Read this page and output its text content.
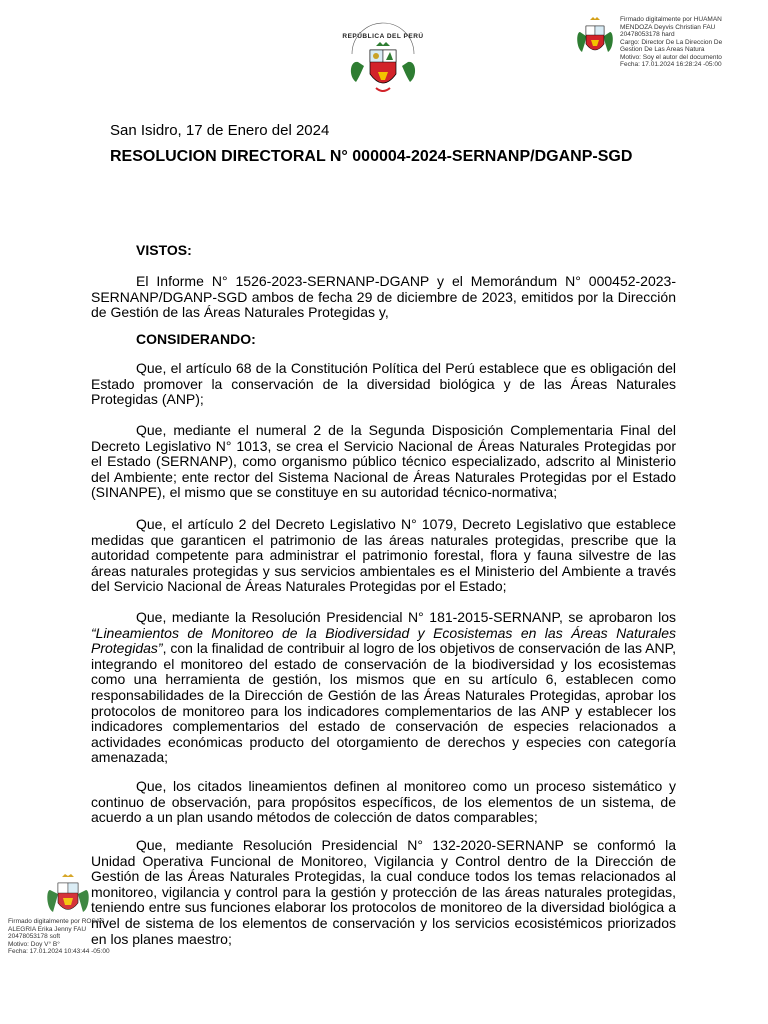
REPÚBLICA DEL PERÚ
Firmado digitalmente por HUAMAN
MENDOZA Deyvis Christian FAU
20478053178 hard
Cargo: Director De La Direccion De
Gestion De Las Areas Natura
Motivo: Soy el autor del documento
Fecha: 17.01.2024 16:28:24 -05:00
San Isidro, 17 de Enero del 2024
RESOLUCION DIRECTORAL N° 000004-2024-SERNANP/DGANP-SGD
VISTOS:

El Informe N° 1526-2023-SERNANP-DGANP y el Memorándum N° 000452-2023-SERNANP/DGANP-SGD ambos de fecha 29 de diciembre de 2023, emitidos por la Dirección de Gestión de las Áreas Naturales Protegidas y,

CONSIDERANDO:

Que, el artículo 68 de la Constitución Política del Perú establece que es obligación del Estado promover la conservación de la diversidad biológica y de las Áreas Naturales Protegidas (ANP);

Que, mediante el numeral 2 de la Segunda Disposición Complementaria Final del Decreto Legislativo N° 1013, se crea el Servicio Nacional de Áreas Naturales Protegidas por el Estado (SERNANP), como organismo público técnico especializado, adscrito al Ministerio del Ambiente; ente rector del Sistema Nacional de Áreas Naturales Protegidas por el Estado (SINANPE), el mismo que se constituye en su autoridad técnico-normativa;

Que, el artículo 2 del Decreto Legislativo N° 1079, Decreto Legislativo que establece medidas que garanticen el patrimonio de las áreas naturales protegidas, prescribe que la autoridad competente para administrar el patrimonio forestal, flora y fauna silvestre de las áreas naturales protegidas y sus servicios ambientales es el Ministerio del Ambiente a través del Servicio Nacional de Áreas Naturales Protegidas por el Estado;

Que, mediante la Resolución Presidencial N° 181-2015-SERNANP, se aprobaron los “Lineamientos de Monitoreo de la Biodiversidad y Ecosistemas en las Áreas Naturales Protegidas”, con la finalidad de contribuir al logro de los objetivos de conservación de las ANP, integrando el monitoreo del estado de conservación de la biodiversidad y los ecosistemas como una herramienta de gestión, los mismos que en su artículo 6, establecen como responsabilidades de la Dirección de Gestión de las Áreas Naturales Protegidas, aprobar los protocolos de monitoreo para los indicadores complementarios de las ANP y establecer los indicadores complementarios del estado de conservación de especies relacionados a actividades económicas producto del otorgamiento de derechos y especies con categoría amenazada;

Que, los citados lineamientos definen al monitoreo como un proceso sistemático y continuo de observación, para propósitos específicos, de los elementos de un sistema, de acuerdo a un plan usando métodos de colección de datos comparables;

Que, mediante Resolución Presidencial N° 132-2020-SERNANP se conformó la Unidad Operativa Funcional de Monitoreo, Vigilancia y Control dentro de la Dirección de Gestión de las Áreas Naturales Protegidas, la cual conduce todos los temas relacionados al monitoreo, vigilancia y control para la gestión y protección de las áreas naturales protegidas, teniendo entre sus funciones elaborar los protocolos de monitoreo de la diversidad biológica a nivel de sistema de los elementos de conservación y los servicios ecosistémicos priorizados en los planes maestro;

Firmado digitalmente por ROSAS
ALEGRIA Erika Jenny FAU
20478053178 soft
Motivo: Doy V° B°
Fecha: 17.01.2024 10:43:44 -05:00
